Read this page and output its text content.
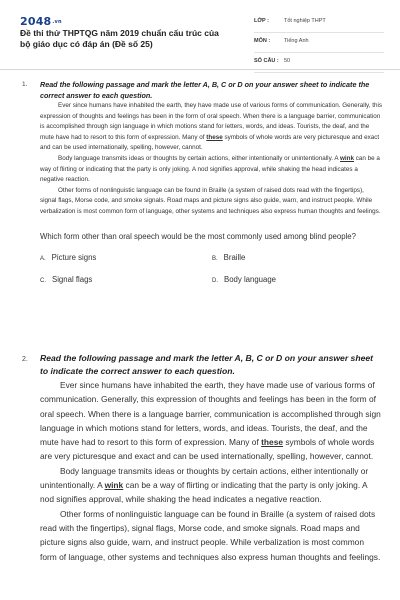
2048.vn
Đề thi thử THPTQG năm 2019 chuẩn cấu trúc của bộ giáo dục có đáp án (Đề số 25)
LỚP :	Tốt nghiệp THPT
MÔN :	Tiếng Anh
SỐ CÂU : 50
1. Read the following passage and mark the letter A, B, C or D on your answer sheet to indicate the correct answer to each question.

Ever since humans have inhabited the earth, they have made use of various forms of communication. Generally, this expression of thoughts and feelings has been in the form of oral speech. When there is a language barrier, communication is accomplished through sign language in which motions stand for letters, words, and ideas. Tourists, the deaf, and the mute have had to resort to this form of expression. Many of these symbols of whole words are very picturesque and exact and can be used internationally, spelling, however, cannot.

Body language transmits ideas or thoughts by certain actions, either intentionally or unintentionally. A wink can be a way of flirting or indicating that the party is only joking. A nod signifies approval, while shaking the head indicates a negative reaction.

Other forms of nonlinguistic language can be found in Braille (a system of raised dots read with the fingertips), signal flags, Morse code, and smoke signals. Road maps and picture signs also guide, warn, and instruct people. While verbalization is most common form of language, other systems and techniques also express human thoughts and feelings.

Which form other than oral speech would be the most commonly used among blind people?

A. Picture signs	B. Braille
C. Signal flags	D. Body language
2. Read the following passage and mark the letter A, B, C or D on your answer sheet to indicate the correct answer to each question.

Ever since humans have inhabited the earth, they have made use of various forms of communication. Generally, this expression of thoughts and feelings has been in the form of oral speech. When there is a language barrier, communication is accomplished through sign language in which motions stand for letters, words, and ideas. Tourists, the deaf, and the mute have had to resort to this form of expression. Many of these symbols of whole words are very picturesque and exact and can be used internationally, spelling, however, cannot.

Body language transmits ideas or thoughts by certain actions, either intentionally or unintentionally. A wink can be a way of flirting or indicating that the party is only joking. A nod signifies approval, while shaking the head indicates a negative reaction.

Other forms of nonlinguistic language can be found in Braille (a system of raised dots read with the fingertips), signal flags, Morse code, and smoke signals. Road maps and picture signs also guide, warn, and instruct people. While verbalization is most common form of language, other systems and techniques also express human thoughts and feelings.
